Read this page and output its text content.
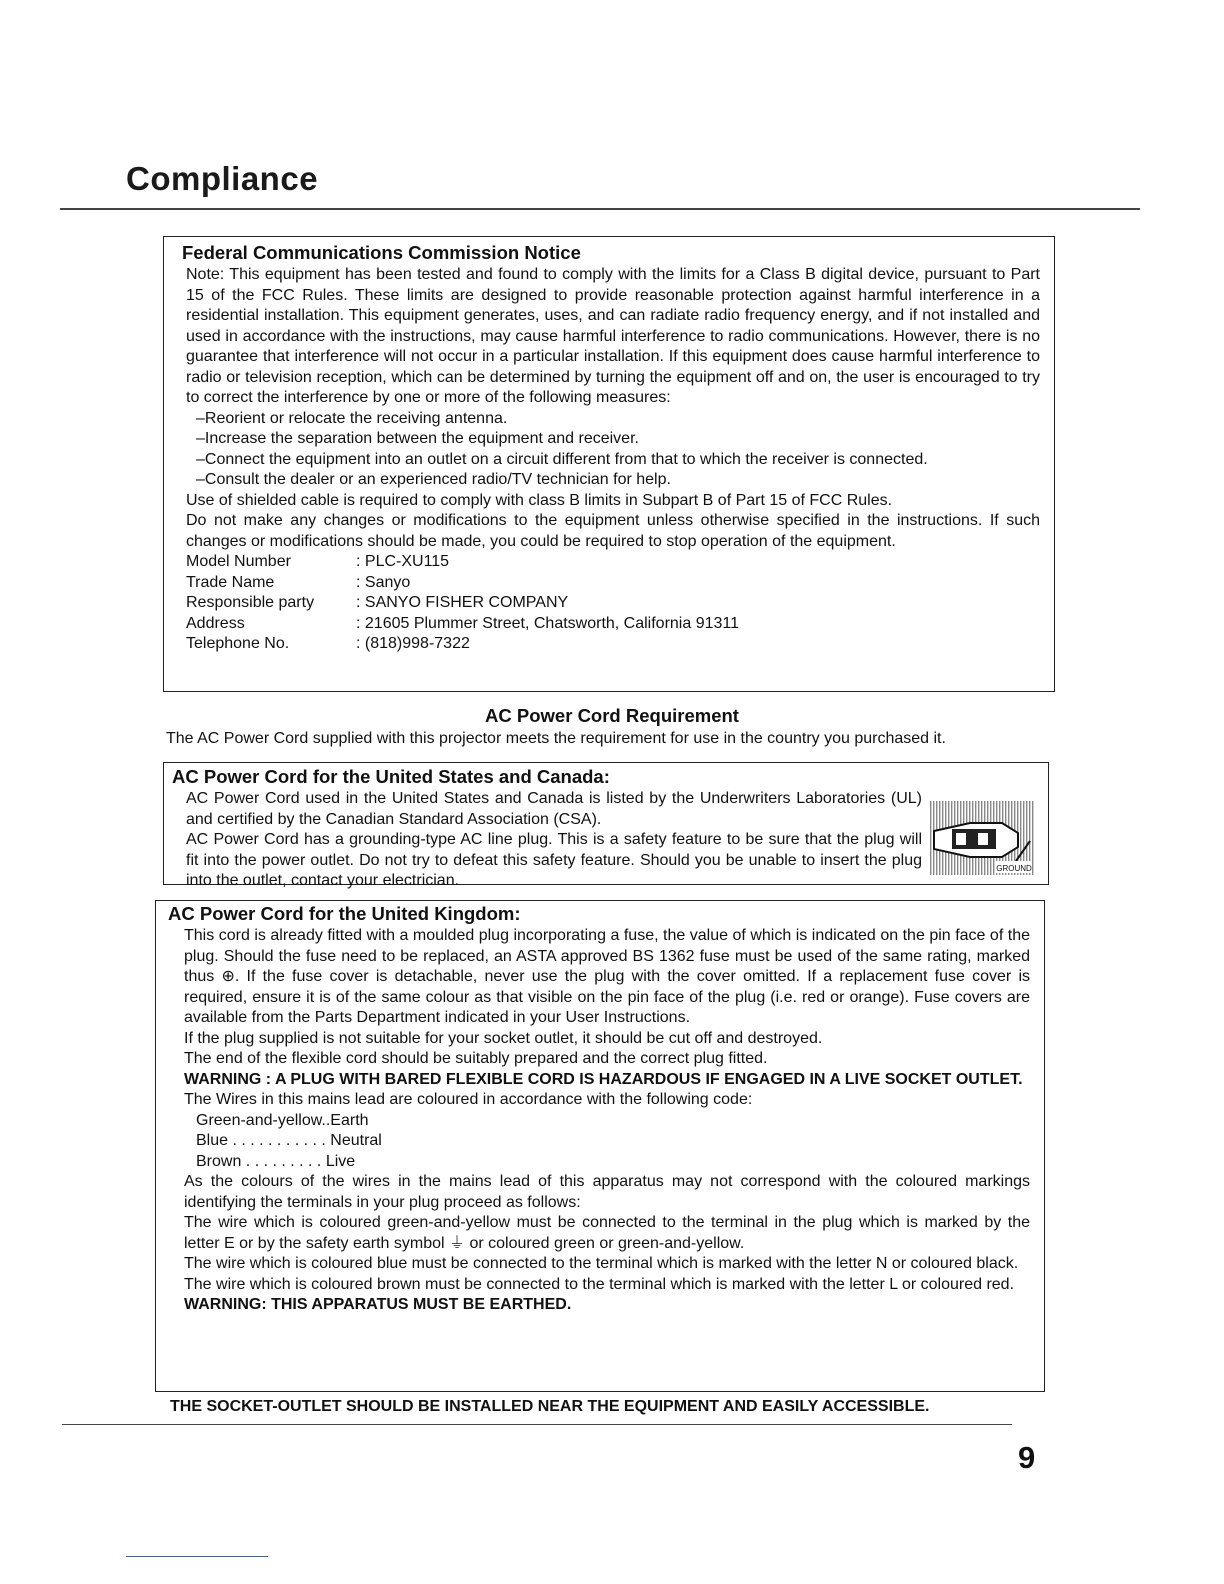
Compliance
Federal Communications Commission Notice

Note: This equipment has been tested and found to comply with the limits for a Class B digital device, pursuant to Part 15 of the FCC Rules. These limits are designed to provide reasonable protection against harmful interference in a residential installation. This equipment generates, uses, and can radiate radio frequency energy, and if not installed and used in accordance with the instructions, may cause harmful interference to radio communications. However, there is no guarantee that interference will not occur in a particular installation. If this equipment does cause harmful interference to radio or television reception, which can be determined by turning the equipment off and on, the user is encouraged to try to correct the interference by one or more of the following measures:

–Reorient or relocate the receiving antenna.

–Increase the separation between the equipment and receiver.

–Connect the equipment into an outlet on a circuit different from that to which the receiver is connected.

–Consult the dealer or an experienced radio/TV technician for help.

Use of shielded cable is required to comply with class B limits in Subpart B of Part 15 of FCC Rules.

Do not make any changes or modifications to the equipment unless otherwise specified in the instructions. If such changes or modifications should be made, you could be required to stop operation of the equipment.

Model Number	: PLC-XU115
Trade Name	: Sanyo
Responsible party	: SANYO FISHER COMPANY
Address	: 21605 Plummer Street, Chatsworth, California 91311
Telephone No.	: (818)998-7322
AC Power Cord Requirement
The AC Power Cord supplied with this projector meets the requirement for use in the country you purchased it.
AC Power Cord for the United States and Canada:

AC Power Cord used in the United States and Canada is listed by the Underwriters Laboratories (UL) and certified by the Canadian Standard Association (CSA).

AC Power Cord has a grounding-type AC line plug. This is a safety feature to be sure that the plug will fit into the power outlet. Do not try to defeat this safety feature. Should you be unable to insert the plug into the outlet, contact your electrician.

GROUND
AC Power Cord for the United Kingdom:

This cord is already fitted with a moulded plug incorporating a fuse, the value of which is indicated on the pin face of the plug. Should the fuse need to be replaced, an ASTA approved BS 1362 fuse must be used of the same rating, marked thus ⊕. If the fuse cover is detachable, never use the plug with the cover omitted. If a replacement fuse cover is required, ensure it is of the same colour as that visible on the pin face of the plug (i.e. red or orange). Fuse covers are available from the Parts Department indicated in your User Instructions.

If the plug supplied is not suitable for your socket outlet, it should be cut off and destroyed.

The end of the flexible cord should be suitably prepared and the correct plug fitted.

WARNING : A PLUG WITH BARED FLEXIBLE CORD IS HAZARDOUS IF ENGAGED IN A LIVE SOCKET OUTLET.

The Wires in this mains lead are coloured in accordance with the following code:

Green-and-yellow..Earth

Blue . . . . . . . . . . . Neutral

Brown . . . . . . . . . Live

As the colours of the wires in the mains lead of this apparatus may not correspond with the coloured markings identifying the terminals in your plug proceed as follows:

The wire which is coloured green-and-yellow must be connected to the terminal in the plug which is marked by the letter E or by the safety earth symbol ⏚ or coloured green or green-and-yellow.

The wire which is coloured blue must be connected to the terminal which is marked with the letter N or coloured black.

The wire which is coloured brown must be connected to the terminal which is marked with the letter L or coloured red.

WARNING: THIS APPARATUS MUST BE EARTHED.

THE SOCKET-OUTLET SHOULD BE INSTALLED NEAR THE EQUIPMENT AND EASILY ACCESSIBLE.
9
